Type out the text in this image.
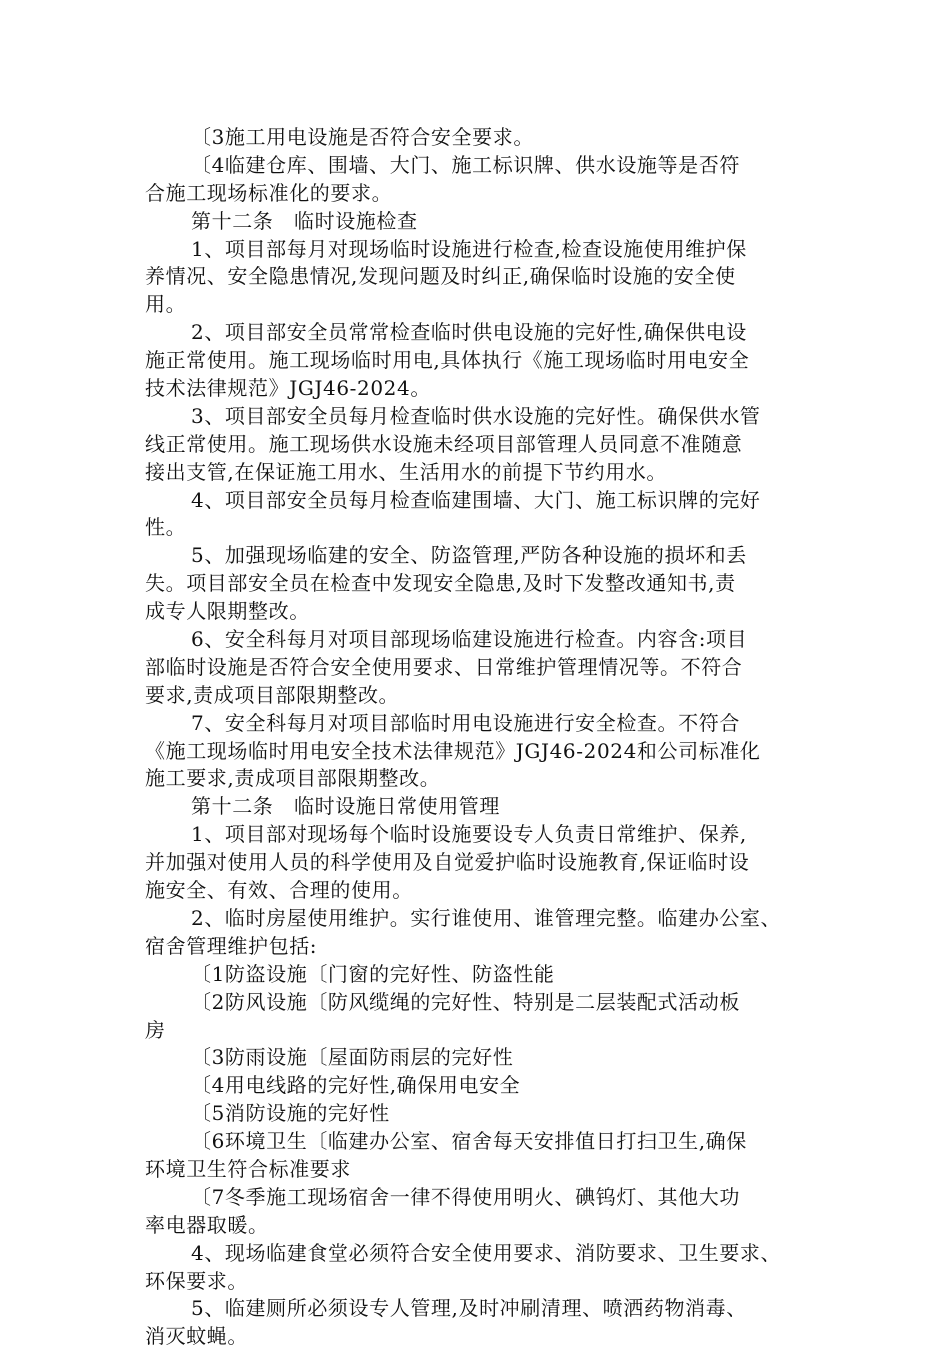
〔3施工用电设施是否符合安全要求。
〔4临建仓库、围墙、大门、施工标识牌、供水设施等是否符
合施工现场标准化的要求。
第十二条　临时设施检查
1、项目部每月对现场临时设施进行检查,检查设施使用维护保
养情况、安全隐患情况,发现问题及时纠正,确保临时设施的安全使
用。
2、项目部安全员常常检查临时供电设施的完好性,确保供电设
施正常使用。施工现场临时用电,具体执行《施工现场临时用电安全
技术法律规范》JGJ46-2024。
3、项目部安全员每月检查临时供水设施的完好性。确保供水管
线正常使用。施工现场供水设施未经项目部管理人员同意不准随意
接出支管,在保证施工用水、生活用水的前提下节约用水。
4、项目部安全员每月检查临建围墙、大门、施工标识牌的完好
性。
5、加强现场临建的安全、防盗管理,严防各种设施的损坏和丢
失。项目部安全员在检查中发现安全隐患,及时下发整改通知书,责
成专人限期整改。
6、安全科每月对项目部现场临建设施进行检查。内容含:项目
部临时设施是否符合安全使用要求、日常维护管理情况等。不符合
要求,责成项目部限期整改。
7、安全科每月对项目部临时用电设施进行安全检查。不符合
《施工现场临时用电安全技术法律规范》JGJ46-2024和公司标准化
施工要求,责成项目部限期整改。
第十二条　临时设施日常使用管理
1、项目部对现场每个临时设施要设专人负责日常维护、保养,
并加强对使用人员的科学使用及自觉爱护临时设施教育,保证临时设
施安全、有效、合理的使用。
2、临时房屋使用维护。实行谁使用、谁管理完整。临建办公室、
宿舍管理维护包括:
〔1防盗设施〔门窗的完好性、防盗性能
〔2防风设施〔防风缆绳的完好性、特别是二层装配式活动板
房
〔3防雨设施〔屋面防雨层的完好性
〔4用电线路的完好性,确保用电安全
〔5消防设施的完好性
〔6环境卫生〔临建办公室、宿舍每天安排值日打扫卫生,确保
环境卫生符合标准要求
〔7冬季施工现场宿舍一律不得使用明火、碘钨灯、其他大功
率电器取暖。
4、现场临建食堂必须符合安全使用要求、消防要求、卫生要求、
环保要求。
5、临建厕所必须设专人管理,及时冲刷清理、喷洒药物消毒、
消灭蚊蝇。
